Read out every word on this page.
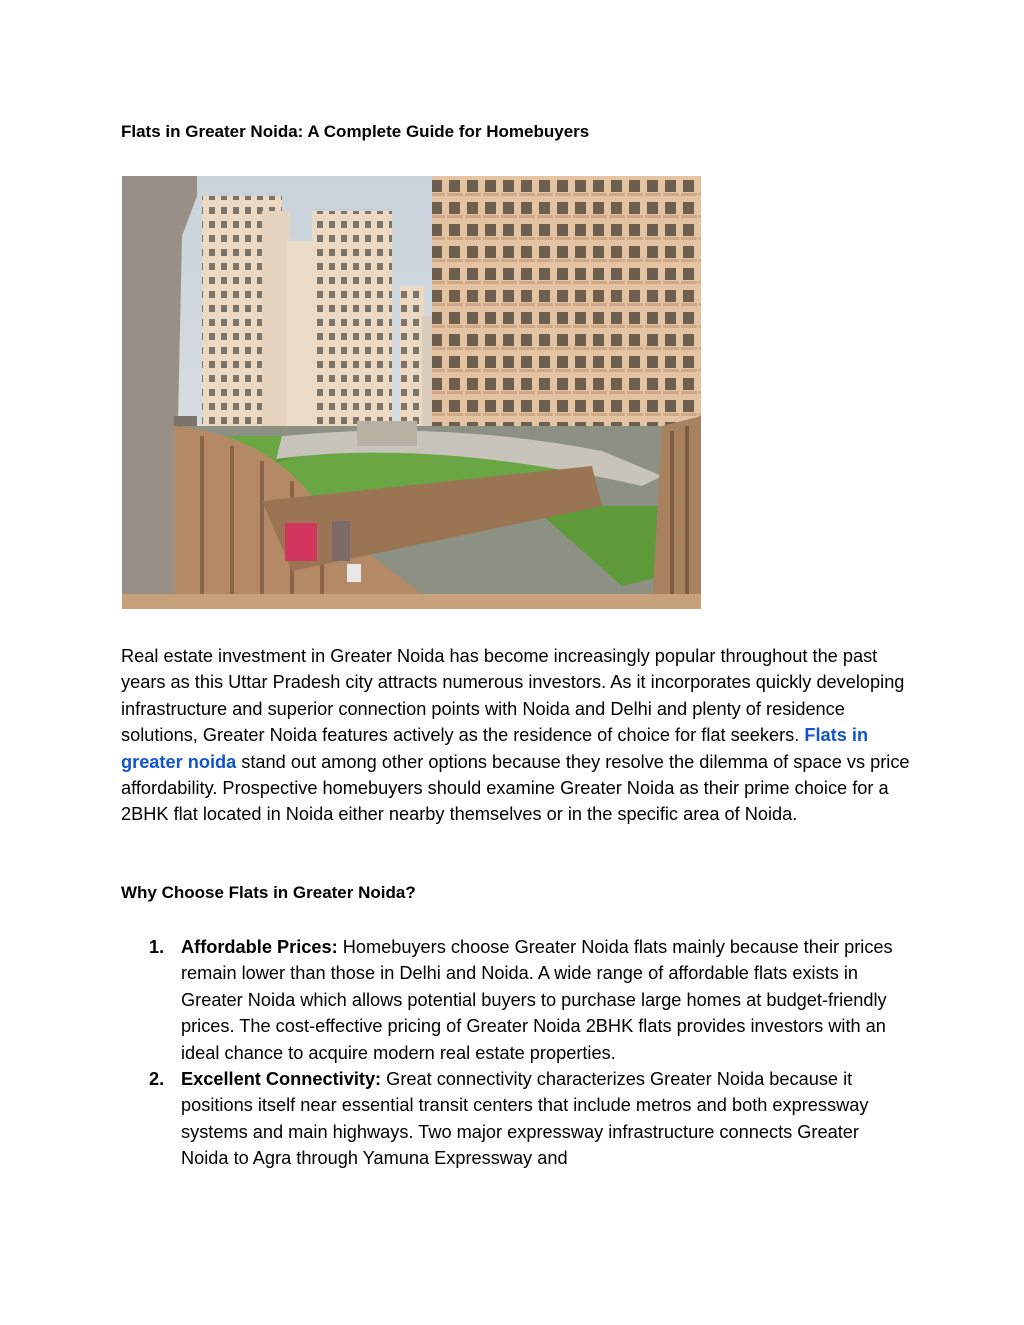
Flats in Greater Noida: A Complete Guide for Homebuyers

Real estate investment in Greater Noida has become increasingly popular throughout the past years as this Uttar Pradesh city attracts numerous investors. As it incorporates quickly developing infrastructure and superior connection points with Noida and Delhi and plenty of residence solutions, Greater Noida features actively as the residence of choice for flat seekers. Flats in greater noida stand out among other options because they resolve the dilemma of space vs price affordability. Prospective homebuyers should examine Greater Noida as their prime choice for a 2BHK flat located in Noida either nearby themselves or in the specific area of Noida.

Why Choose Flats in Greater Noida?
1. Affordable Prices: Homebuyers choose Greater Noida flats mainly because their prices remain lower than those in Delhi and Noida. A wide range of affordable flats exists in Greater Noida which allows potential buyers to purchase large homes at budget-friendly prices. The cost-effective pricing of Greater Noida 2BHK flats provides investors with an ideal chance to acquire modern real estate properties.
2. Excellent Connectivity: Great connectivity characterizes Greater Noida because it positions itself near essential transit centers that include metros and both expressway systems and main highways. Two major expressway infrastructure connects Greater Noida to Agra through Yamuna Expressway and
